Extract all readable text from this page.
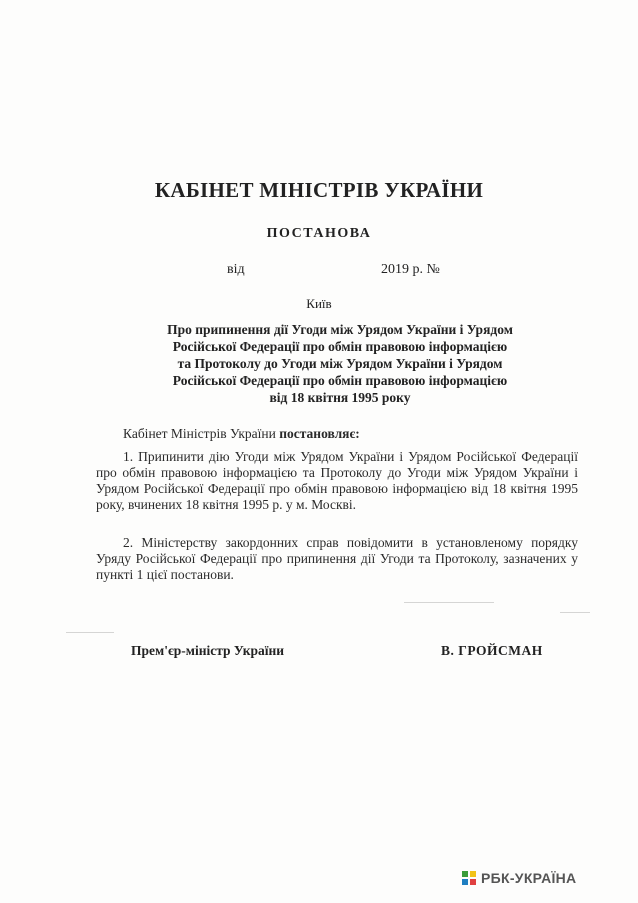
КАБІНЕТ МІНІСТРІВ УКРАЇНИ
ПОСТАНОВА
від	2019 р. №
Київ
Про припинення дії Угоди між Урядом України і Урядом
Російської Федерації про обмін правовою інформацією
та Протоколу до Угоди між Урядом України і Урядом
Російської Федерації про обмін правовою інформацією
від 18 квітня 1995 року
Кабінет Міністрів України постановляє:
1. Припинити дію Угоди між Урядом України і Урядом Російської Федерації про обмін правовою інформацією та Протоколу до Угоди між Урядом України і Урядом Російської Федерації про обмін правовою інформацією від 18 квітня 1995 року, вчинених 18 квітня 1995 р. у м. Москві.
2. Міністерству закордонних справ повідомити в установленому порядку Уряду Російської Федерації про припинення дії Угоди та Протоколу, зазначених у пункті 1 цієї постанови.
Прем'єр-міністр України	В. ГРОЙСМАН
РБК-УКРАЇНА
